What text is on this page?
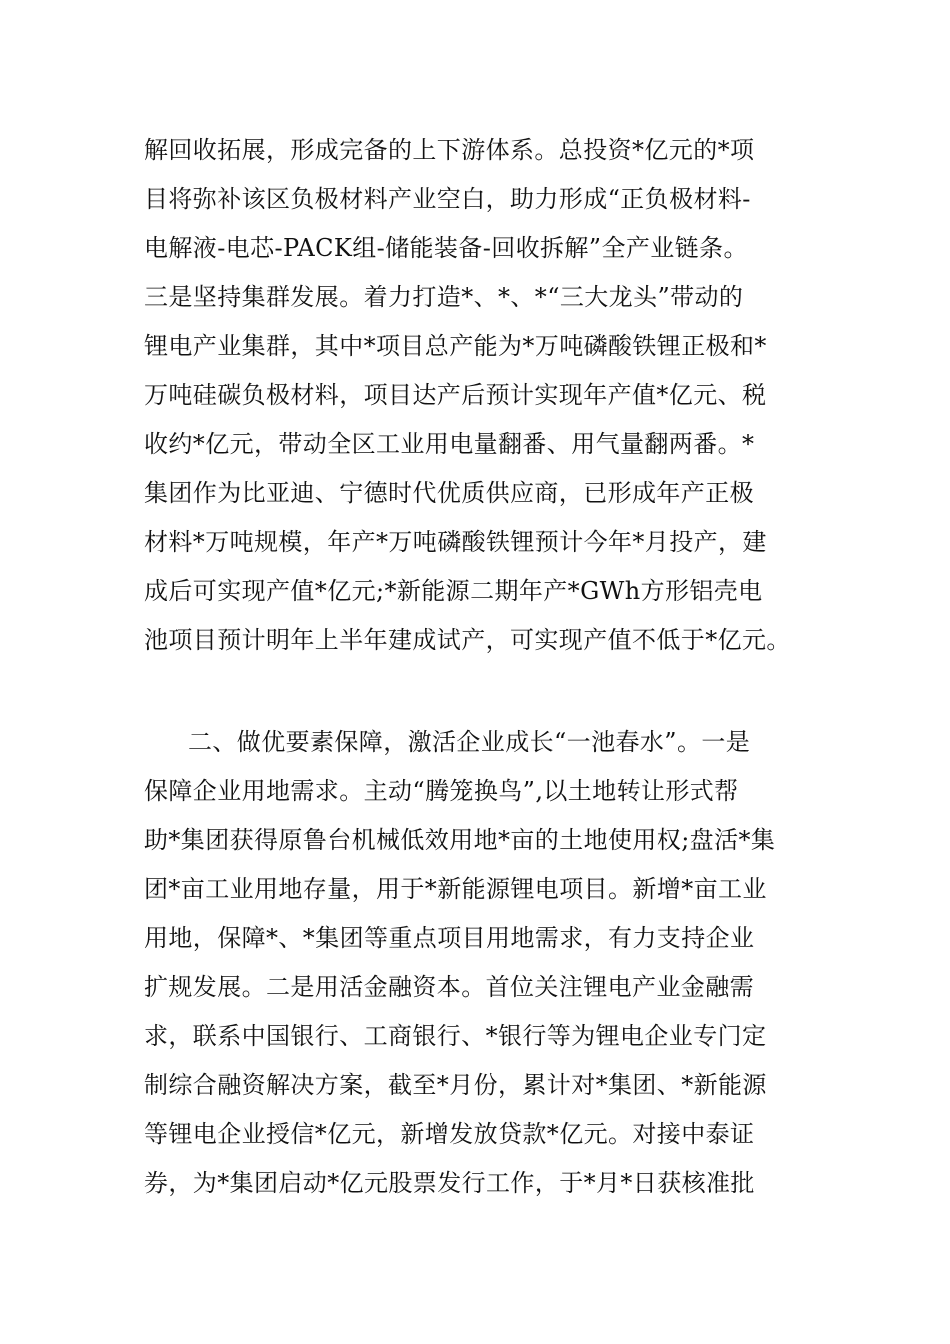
解回收拓展，形成完备的上下游体系。总投资*亿元的*项
目将弥补该区负极材料产业空白，助力形成“正负极材料-
电解液-电芯-PACK组-储能装备-回收拆解”全产业链条。
三是坚持集群发展。着力打造*、*、*“三大龙头”带动的
锂电产业集群，其中*项目总产能为*万吨磷酸铁锂正极和*
万吨硅碳负极材料，项目达产后预计实现年产值*亿元、税
收约*亿元，带动全区工业用电量翻番、用气量翻两番。*
集团作为比亚迪、宁德时代优质供应商，已形成年产正极
材料*万吨规模，年产*万吨磷酸铁锂预计今年*月投产，建
成后可实现产值*亿元;*新能源二期年产*GWh方形铝壳电
池项目预计明年上半年建成试产，可实现产值不低于*亿元。
二、做优要素保障，激活企业成长“一池春水”。一是
保障企业用地需求。主动“腾笼换鸟”,以土地转让形式帮
助*集团获得原鲁台机械低效用地*亩的土地使用权;盘活*集
团*亩工业用地存量，用于*新能源锂电项目。新增*亩工业
用地，保障*、*集团等重点项目用地需求，有力支持企业
扩规发展。二是用活金融资本。首位关注锂电产业金融需
求，联系中国银行、工商银行、*银行等为锂电企业专门定
制综合融资解决方案，截至*月份，累计对*集团、*新能源
等锂电企业授信*亿元，新增发放贷款*亿元。对接中泰证
券，为*集团启动*亿元股票发行工作，于*月*日获核准批
